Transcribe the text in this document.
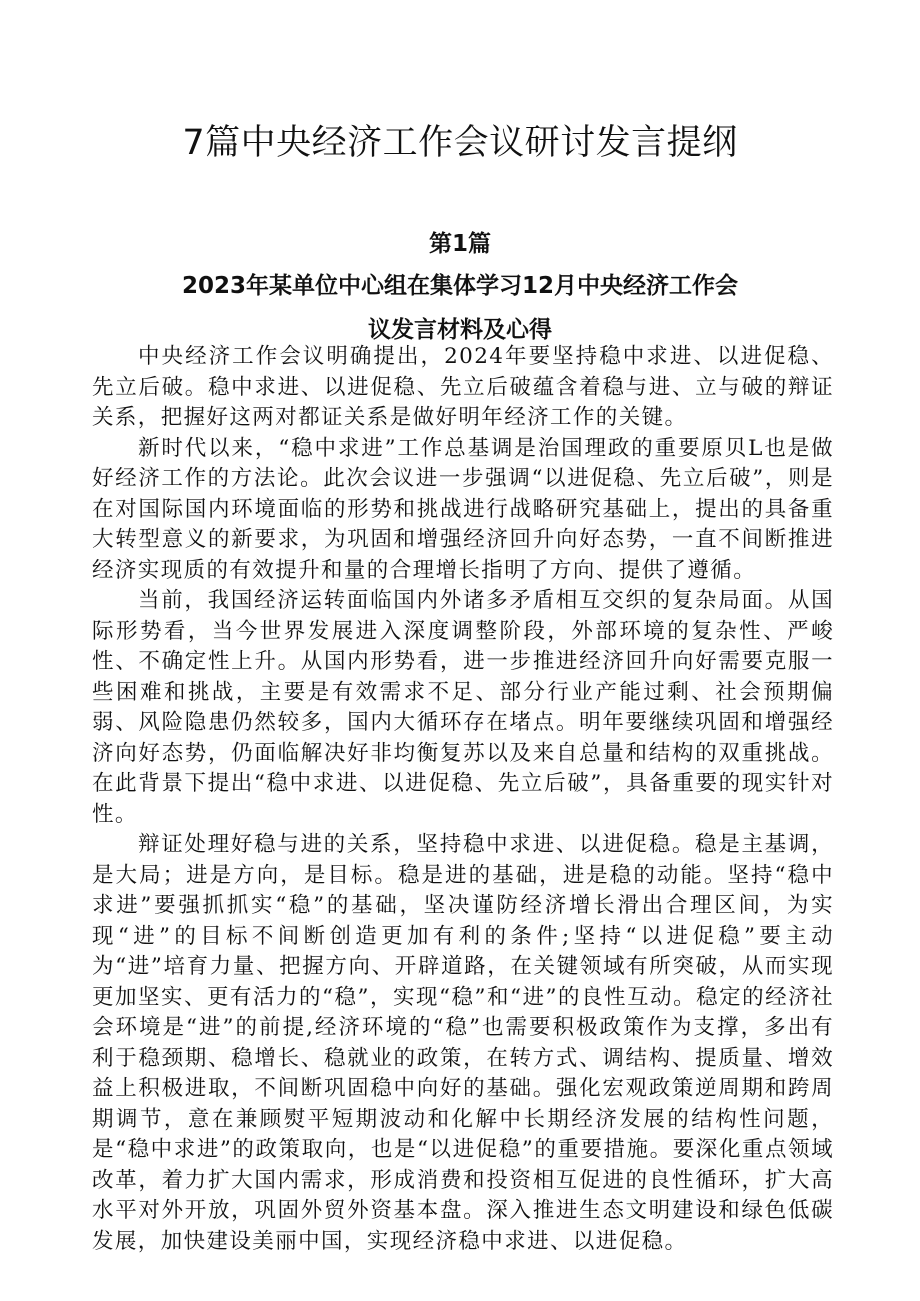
7篇中央经济工作会议研讨发言提纲
第1篇
2023年某单位中心组在集体学习12月中央经济工作会
议发言材料及心得

中央经济工作会议明确提出，2024年要坚持稳中求进、以进促稳、先立后破。稳中求进、以进促稳、先立后破蕴含着稳与进、立与破的辩证关系，把握好这两对都证关系是做好明年经济工作的关键。

新时代以来，“稳中求进”工作总基调是治国理政的重要原贝L也是做好经济工作的方法论。此次会议进一步强调“以进促稳、先立后破”，则是在对国际国内环境面临的形势和挑战进行战略研究基础上，提出的具备重大转型意义的新要求，为巩固和增强经济回升向好态势，一直不间断推进经济实现质的有效提升和量的合理增长指明了方向、提供了遵循。

当前，我国经济运转面临国内外诸多矛盾相互交织的复杂局面。从国际形势看，当今世界发展进入深度调整阶段，外部环境的复杂性、严峻性、不确定性上升。从国内形势看，进一步推进经济回升向好需要克服一些困难和挑战，主要是有效需求不足、部分行业产能过剩、社会预期偏弱、风险隐患仍然较多，国内大循环存在堵点。明年要继续巩固和增强经济向好态势，仍面临解决好非均衡复苏以及来自总量和结构的双重挑战。在此背景下提出“稳中求进、以进促稳、先立后破”，具备重要的现实针对性。

辩证处理好稳与进的关系，坚持稳中求进、以进促稳。稳是主基调，是大局；进是方向，是目标。稳是进的基础，进是稳的动能。坚持“稳中求进”要强抓抓实“稳”的基础，坚决谨防经济增长滑出合理区间，为实现“进”的目标不间断创造更加有利的条件;坚持“以进促稳”要主动为“进”培育力量、把握方向、开辟道路，在关键领域有所突破，从而实现更加坚实、更有活力的“稳”，实现“稳”和“进”的良性互动。稳定的经济社会环境是“进”的前提,经济环境的“稳”也需要积极政策作为支撑，多出有利于稳颈期、稳增长、稳就业的政策，在转方式、调结构、提质量、增效益上积极进取，不间断巩固稳中向好的基础。强化宏观政策逆周期和跨周期调节，意在兼顾熨平短期波动和化解中长期经济发展的结构性问题，是“稳中求进”的政策取向，也是“以进促稳”的重要措施。要深化重点领域改革，着力扩大国内需求，形成消费和投资相互促进的良性循环，扩大高水平对外开放，巩固外贸外资基本盘。深入推进生态文明建设和绿色低碳发展，加快建设美丽中国，实现经济稳中求进、以进促稳。
